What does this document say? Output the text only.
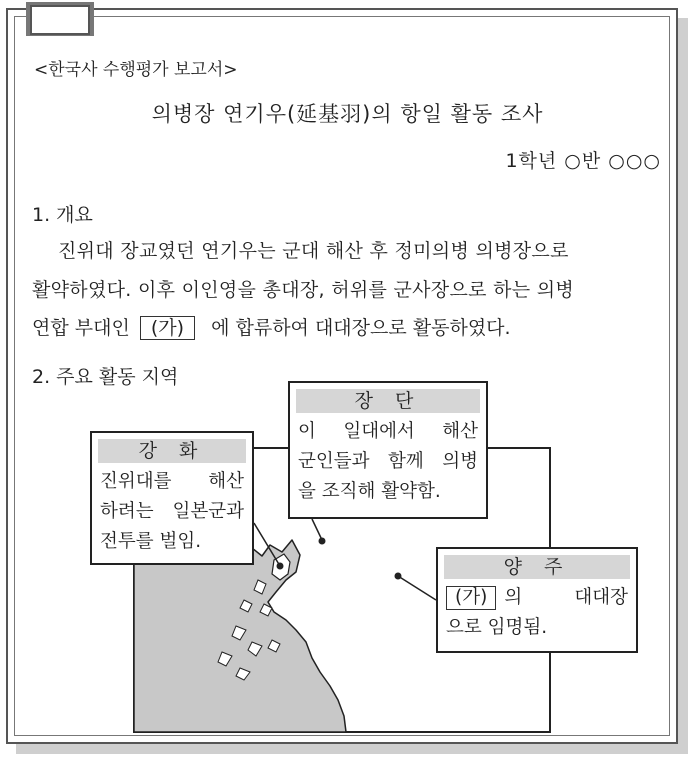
<한국사 수행평가 보고서>
의병장 연기우(延基羽)의 항일 활동 조사
1학년 ○반 ○○○
1. 개요
진위대 장교였던 연기우는 군대 해산 후 정미의병 의병장으로
활약하였다. 이후 이인영을 총대장, 허위를 군사장으로 하는 의병
연합 부대인 (가) 에 합류하여 대대장으로 활동하였다.
2. 주요 활동 지역
장 단
이 일대에서 해산
군인들과 함께 의병
을 조직해 활약함.
강 화
진위대를 해산
하려는 일본군과
전투를 벌임.
양 주
(가) 의 대대장
으로 임명됨.
